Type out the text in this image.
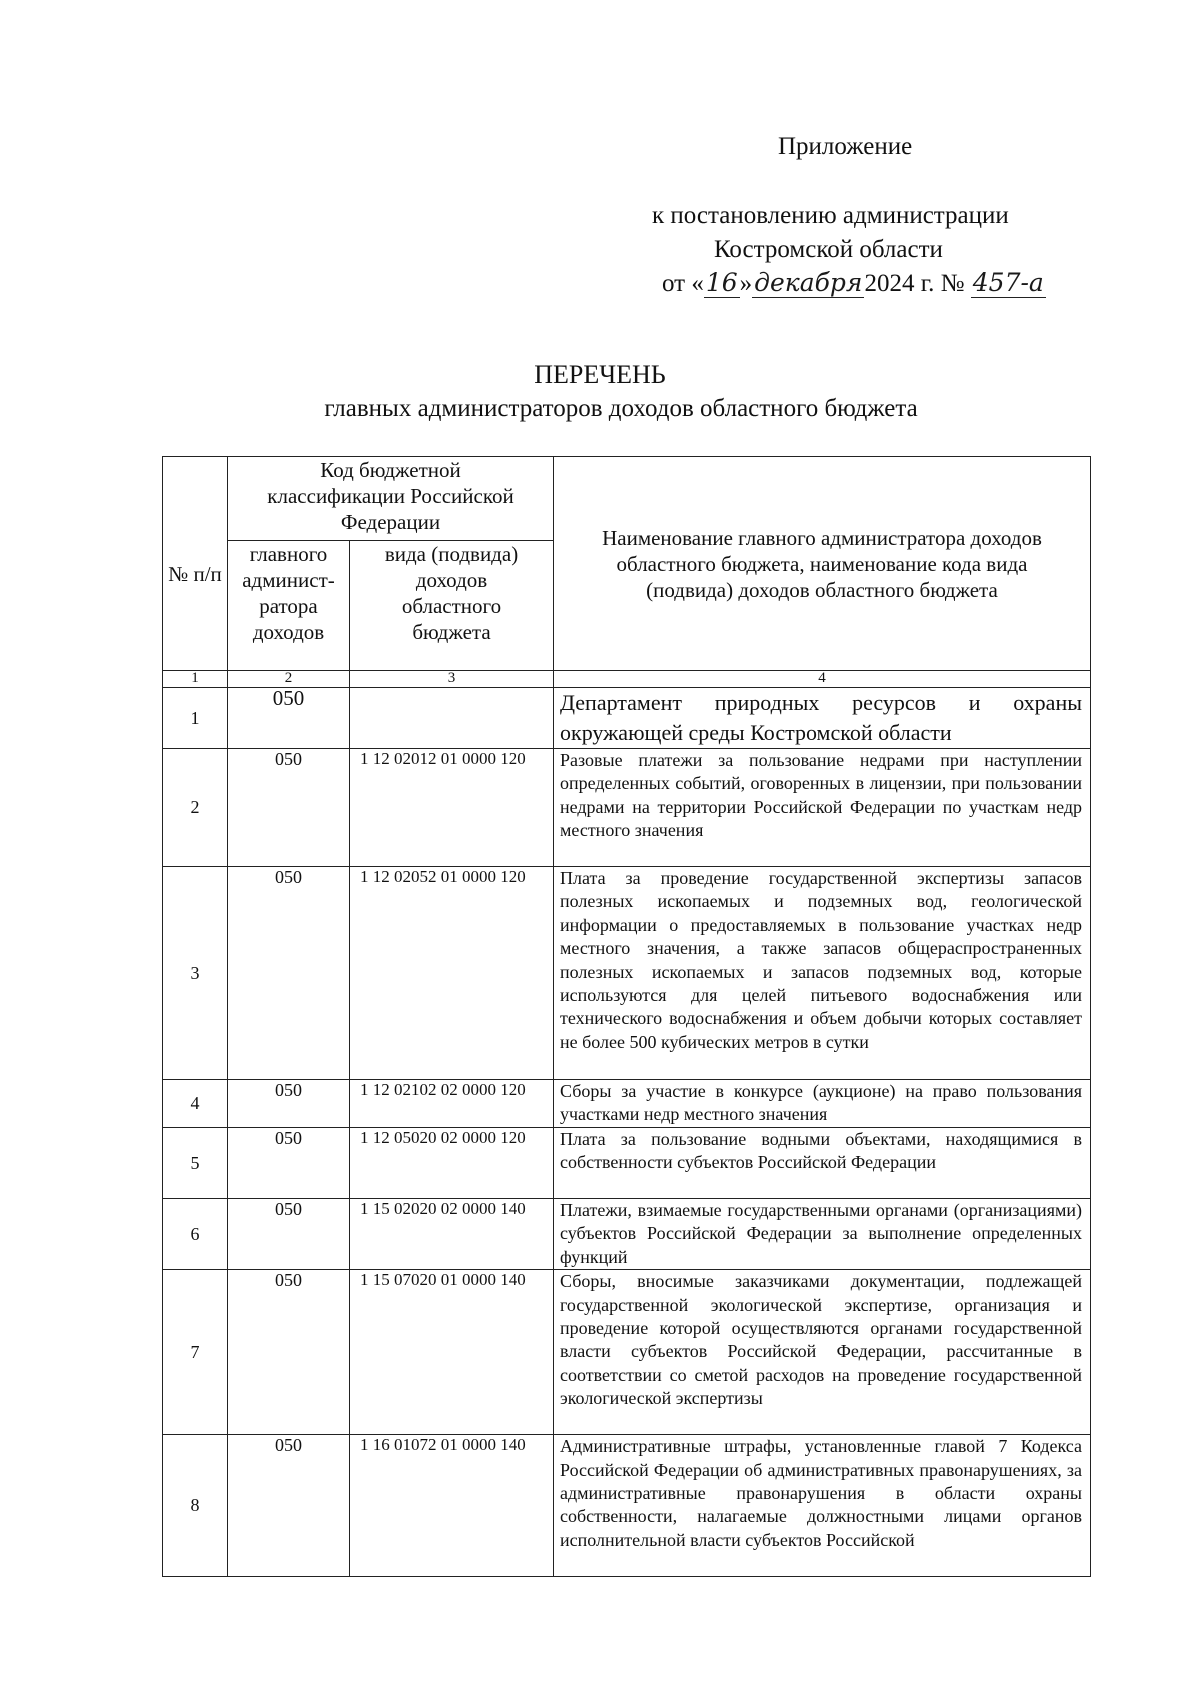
Приложение
к постановлению администрации
Костромской области
от «16»декабря2024 г. № 457-а
ПЕРЕЧЕНЬ
главных администраторов доходов областного бюджета
№ п/п	Код бюджетной классификации Российской Федерации		Наименование главного администратора доходов областного бюджета, наименование кода вида (подвида) доходов областного бюджета
	главного админист-ратора доходов	вида (подвида) доходов областного бюджета	
1	2	3	4
1	050		Департамент природных ресурсов и охраны окружающей среды Костромской области
2	050	1 12 02012 01 0000 120	Разовые платежи за пользование недрами при наступлении определенных событий, оговоренных в лицензии, при пользовании недрами на территории Российской Федерации по участкам недр местного значения
3	050	1 12 02052 01 0000 120	Плата за проведение государственной экспертизы запасов полезных ископаемых и подземных вод, геологической информации о предоставляемых в пользование участках недр местного значения, а также запасов общераспространенных полезных ископаемых и запасов подземных вод, которые используются для целей питьевого водоснабжения или технического водоснабжения и объем добычи которых составляет не более 500 кубических метров в сутки
4	050	1 12 02102 02 0000 120	Сборы за участие в конкурсе (аукционе) на право пользования участками недр местного значения
5	050	1 12 05020 02 0000 120	Плата за пользование водными объектами, находящимися в собственности субъектов Российской Федерации
6	050	1 15 02020 02 0000 140	Платежи, взимаемые государственными органами (организациями) субъектов Российской Федерации за выполнение определенных функций
7	050	1 15 07020 01 0000 140	Сборы, вносимые заказчиками документации, подлежащей государственной экологической экспертизе, организация и проведение которой осуществляются органами государственной власти субъектов Российской Федерации, рассчитанные в соответствии со сметой расходов на проведение государственной экологической экспертизы
8	050	1 16 01072 01 0000 140	Административные штрафы, установленные главой 7 Кодекса Российской Федерации об административных правонарушениях, за административные правонарушения в области охраны собственности, налагаемые должностными лицами органов исполнительной власти субъектов Российской
